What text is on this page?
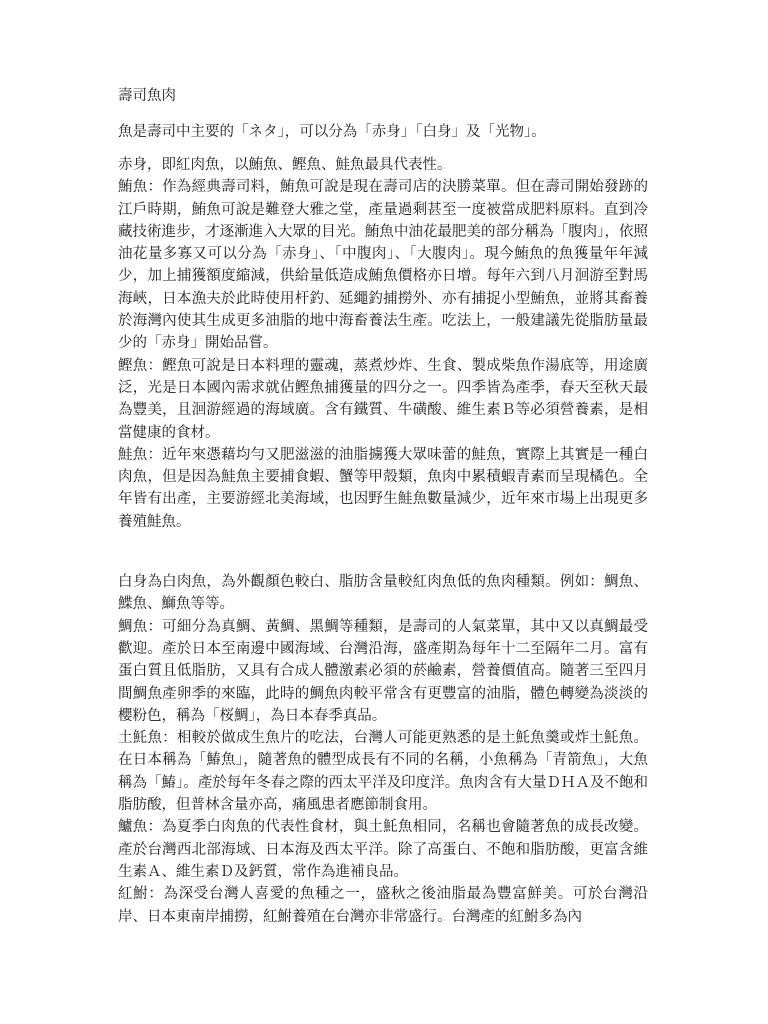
壽司魚肉

魚是壽司中主要的「ネタ」，可以分為「赤身」「白身」及「光物」。

赤身，即紅肉魚，以鮪魚、鰹魚、鮭魚最具代表性。

鮪魚：作為經典壽司料，鮪魚可說是現在壽司店的決勝菜單。但在壽司開始發跡的江戶時期，鮪魚可說是難登大雅之堂，產量過剩甚至一度被當成肥料原料。直到冷藏技術進步，才逐漸進入大眾的目光。鮪魚中油花最肥美的部分稱為「腹肉」，依照油花量多寡又可以分為「赤身」、「中腹肉」、「大腹肉」。現今鮪魚的魚獲量年年減少，加上捕獲額度縮減，供給量低造成鮪魚價格亦日增。每年六到八月洄游至對馬海峽，日本漁夫於此時使用杆釣、延繩釣捕撈外、亦有捕捉小型鮪魚，並將其畜養於海灣內使其生成更多油脂的地中海畜養法生產。吃法上，一般建議先從脂肪量最少的「赤身」開始品嘗。

鰹魚：鰹魚可說是日本料理的靈魂，蒸煮炒炸、生食、製成柴魚作湯底等，用途廣泛，光是日本國內需求就佔鰹魚捕獲量的四分之一。四季皆為產季，春天至秋天最為豐美，且洄游經過的海域廣。含有鐵質、牛磺酸、維生素Ｂ等必須營養素，是相當健康的食材。

鮭魚：近年來憑藉均勻又肥滋滋的油脂擄獲大眾味蕾的鮭魚，實際上其實是一種白肉魚，但是因為鮭魚主要捕食蝦、蟹等甲殼類，魚肉中累積蝦青素而呈現橘色。全年皆有出產，主要游經北美海域，也因野生鮭魚數量減少，近年來市場上出現更多養殖鮭魚。

白身為白肉魚，為外觀顏色較白、脂肪含量較紅肉魚低的魚肉種類。例如：鯛魚、鰈魚、鰤魚等等。

鯛魚：可細分為真鯛、黃鯛、黑鯛等種類，是壽司的人氣菜單，其中又以真鯛最受歡迎。產於日本至南邊中國海域、台灣沿海，盛產期為每年十二至隔年二月。富有蛋白質且低脂肪，又具有合成人體激素必須的菸鹼素，營養價值高。隨著三至四月間鯛魚產卵季的來臨，此時的鯛魚肉較平常含有更豐富的油脂，體色轉變為淡淡的櫻粉色，稱為「桜鯛」，為日本春季真品。

土魠魚：相較於做成生魚片的吃法，台灣人可能更熟悉的是土魠魚羹或炸土魠魚。在日本稱為「鰆魚」，隨著魚的體型成長有不同的名稱，小魚稱為「青箭魚」，大魚稱為「鰆」。產於每年冬春之際的西太平洋及印度洋。魚肉含有大量ＤＨＡ及不飽和脂肪酸，但普林含量亦高，痛風患者應節制食用。

鱸魚：為夏季白肉魚的代表性食材，與土魠魚相同，名稱也會隨著魚的成長改變。產於台灣西北部海域、日本海及西太平洋。除了高蛋白、不飽和脂肪酸，更富含維生素Ａ、維生素Ｄ及鈣質，常作為進補良品。

紅鮒：為深受台灣人喜愛的魚種之一，盛秋之後油脂最為豐富鮮美。可於台灣沿岸、日本東南岸捕撈，紅鮒養殖在台灣亦非常盛行。台灣產的紅鮒多為內
